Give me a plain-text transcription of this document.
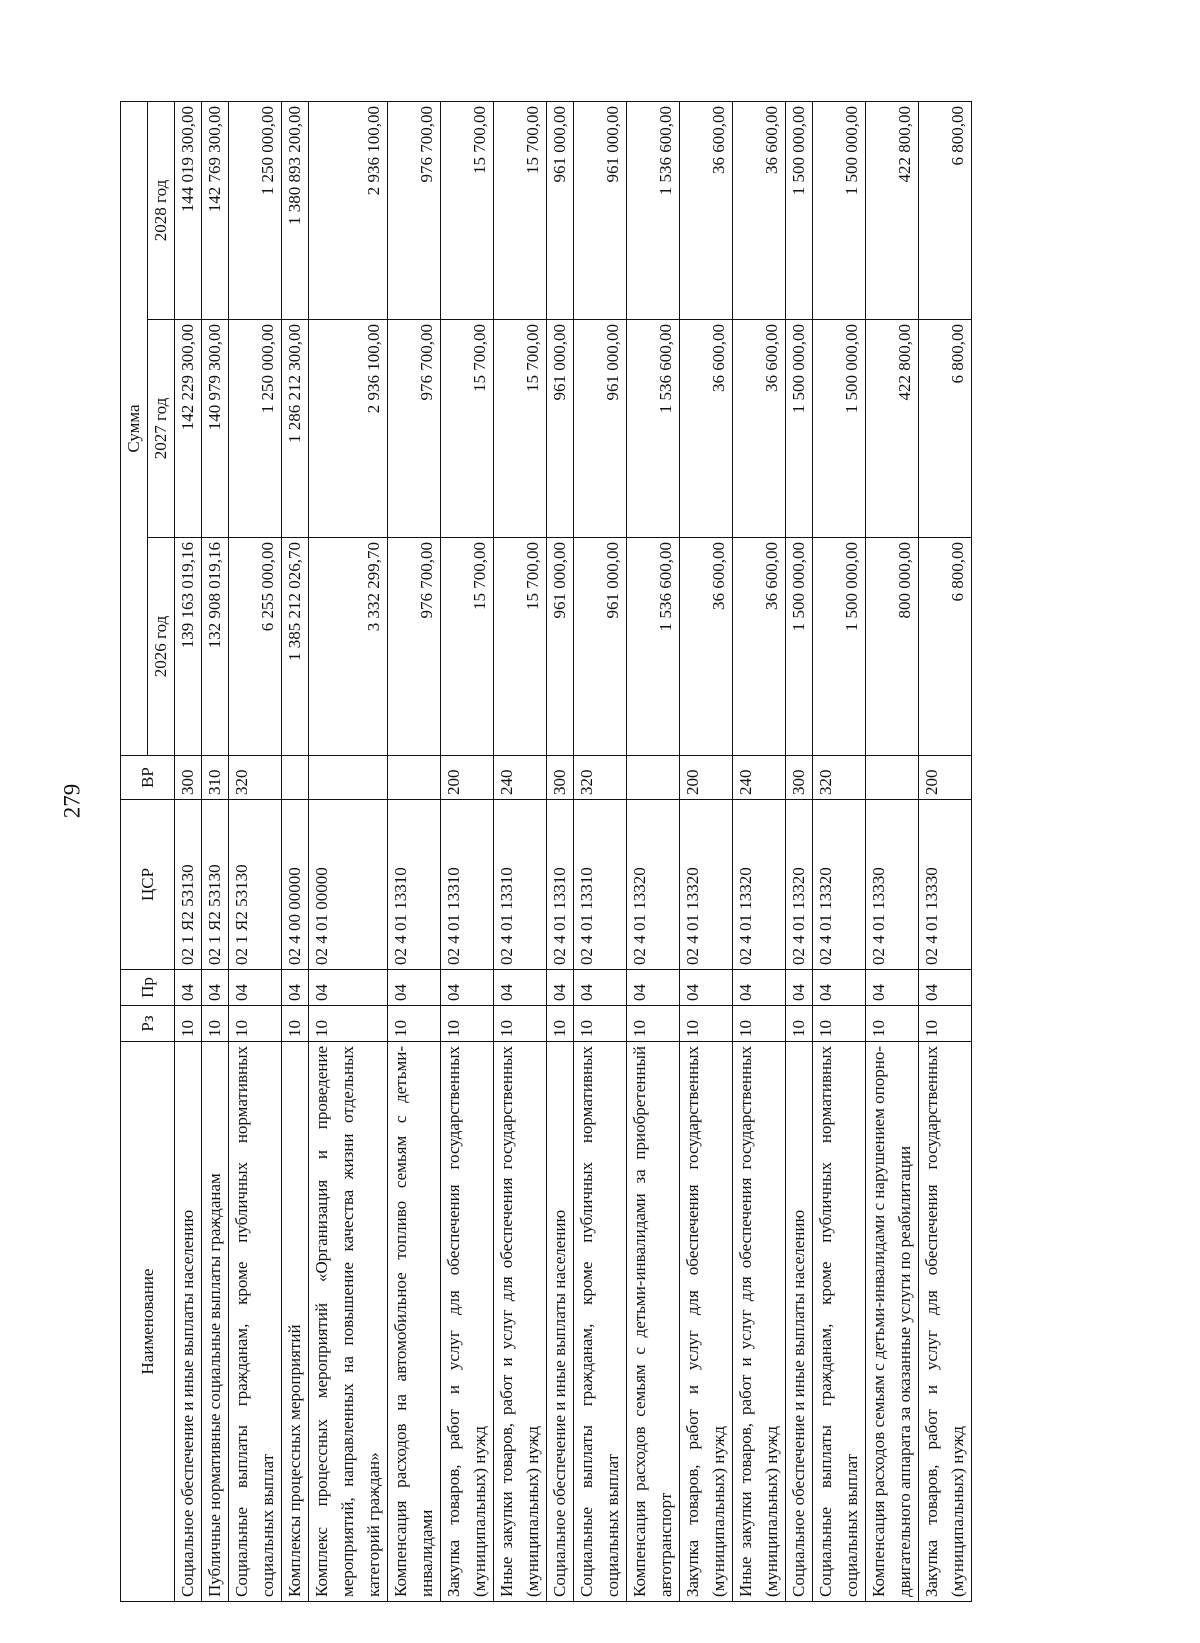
279
Наименование	Рз	Пр	ЦСР	ВР	Сумма		
					2026 год	2027 год	2028 год
Социальное обеспечение и иные выплаты населению	10	04	02 1 Я2 53130	300	139 163 019,16	142 229 300,00	144 019 300,00
Публичные нормативные социальные выплаты гражданам	10	04	02 1 Я2 53130	310	132 908 019,16	140 979 300,00	142 769 300,00
Социальные выплаты гражданам, кроме публичных нормативных социальных выплат	10	04	02 1 Я2 53130	320	6 255 000,00	1 250 000,00	1 250 000,00
Комплексы процессных мероприятий	10	04	02 4 00 00000		1 385 212 026,70	1 286 212 300,00	1 380 893 200,00
Комплекс процессных мероприятий «Организация и проведение мероприятий, направленных на повышение качества жизни отдельных категорий граждан»	10	04	02 4 01 00000		3 332 299,70	2 936 100,00	2 936 100,00
Компенсация расходов на автомобильное топливо семьям с детьми-инвалидами	10	04	02 4 01 13310		976 700,00	976 700,00	976 700,00
Закупка товаров, работ и услуг для обеспечения государственных (муниципальных) нужд	10	04	02 4 01 13310	200	15 700,00	15 700,00	15 700,00
Иные закупки товаров, работ и услуг для обеспечения государственных (муниципальных) нужд	10	04	02 4 01 13310	240	15 700,00	15 700,00	15 700,00
Социальное обеспечение и иные выплаты населению	10	04	02 4 01 13310	300	961 000,00	961 000,00	961 000,00
Социальные выплаты гражданам, кроме публичных нормативных социальных выплат	10	04	02 4 01 13310	320	961 000,00	961 000,00	961 000,00
Компенсация расходов семьям с детьми-инвалидами за приобретенный автотранспорт	10	04	02 4 01 13320		1 536 600,00	1 536 600,00	1 536 600,00
Закупка товаров, работ и услуг для обеспечения государственных (муниципальных) нужд	10	04	02 4 01 13320	200	36 600,00	36 600,00	36 600,00
Иные закупки товаров, работ и услуг для обеспечения государственных (муниципальных) нужд	10	04	02 4 01 13320	240	36 600,00	36 600,00	36 600,00
Социальное обеспечение и иные выплаты населению	10	04	02 4 01 13320	300	1 500 000,00	1 500 000,00	1 500 000,00
Социальные выплаты гражданам, кроме публичных нормативных социальных выплат	10	04	02 4 01 13320	320	1 500 000,00	1 500 000,00	1 500 000,00
Компенсация расходов семьям с детьми-инвалидами с нарушением опорно-двигательного аппарата за оказанные услуги по реабилитации	10	04	02 4 01 13330		800 000,00	422 800,00	422 800,00
Закупка товаров, работ и услуг для обеспечения государственных (муниципальных) нужд	10	04	02 4 01 13330	200	6 800,00	6 800,00	6 800,00
